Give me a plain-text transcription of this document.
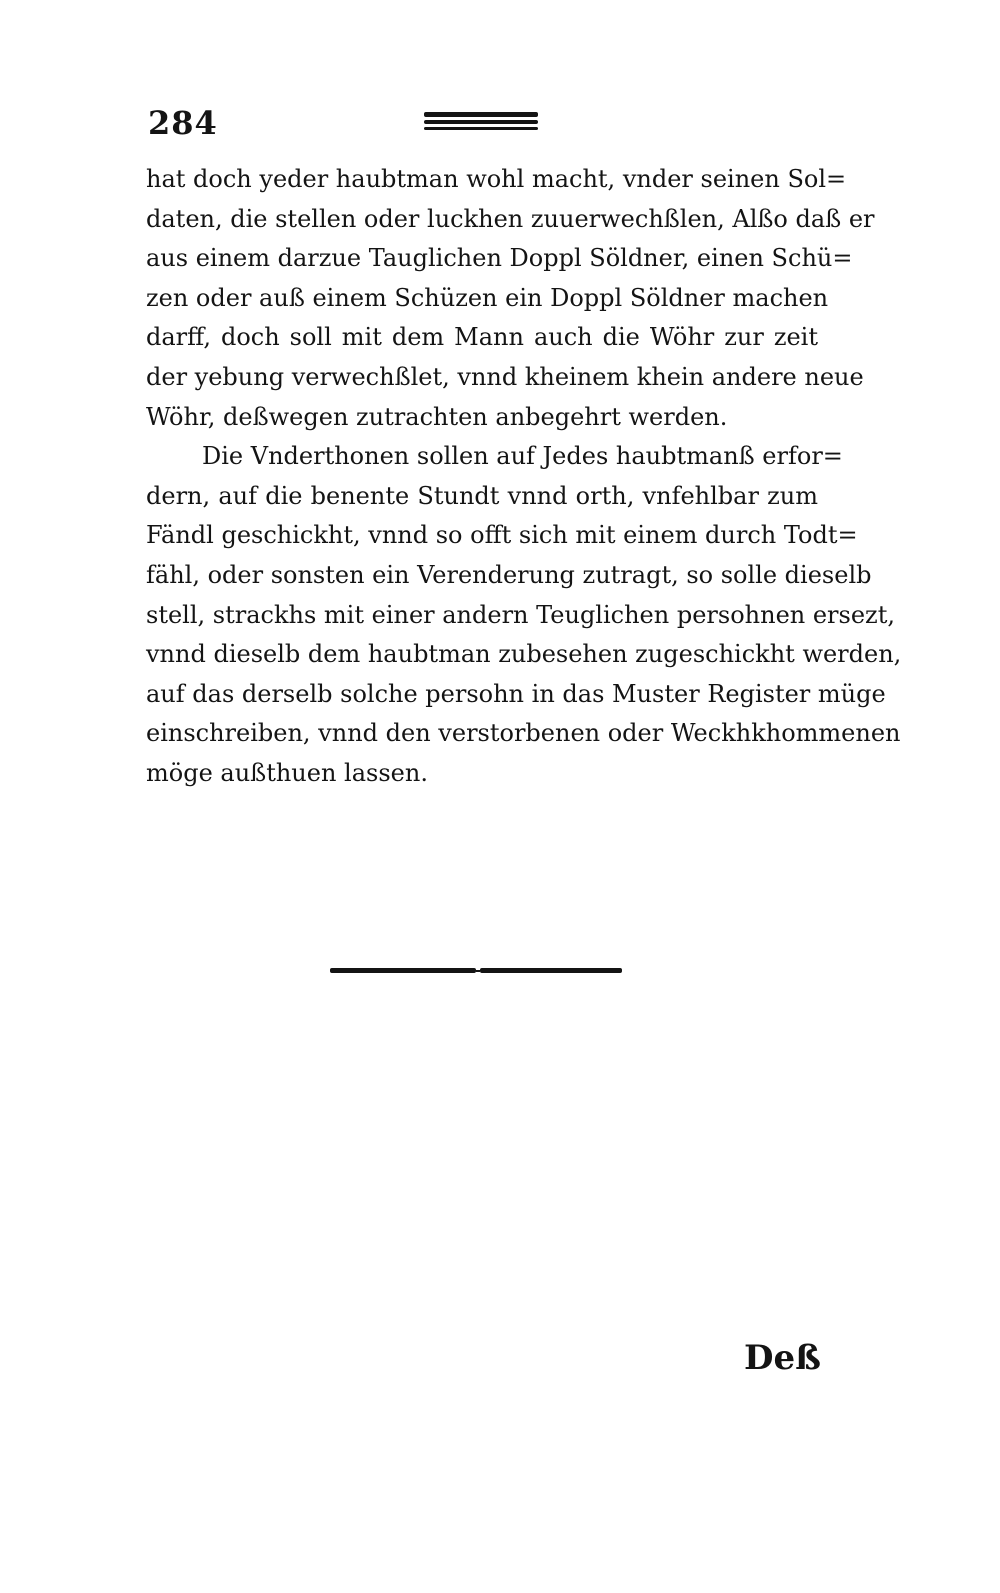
284
hat doch yeder haubtman wohl macht, vnder seinen Sol=
daten, die stellen oder luckhen zuuerwechßlen, Alßo daß er
aus einem darzue Tauglichen Doppl Söldner, einen Schü=
zen oder auß einem Schüzen ein Doppl Söldner machen
darff, doch soll mit dem Mann auch die Wöhr zur zeit
der yebung verwechßlet, vnnd kheinem khein andere neue
Wöhr, deßwegen zutrachten anbegehrt werden.
Die Vnderthonen sollen auf Jedes haubtmanß erfor=
dern, auf die benente Stundt vnnd orth, vnfehlbar zum
Fändl geschickht, vnnd so offt sich mit einem durch Todt=
fähl, oder sonsten ein Verenderung zutragt, so solle dieselb
stell, strackhs mit einer andern Teuglichen persohnen ersezt,
vnnd dieselb dem haubtman zubesehen zugeschickht werden,
auf das derselb solche persohn in das Muster Register müge
einschreiben, vnnd den verstorbenen oder Weckhkhommenen
möge außthuen lassen.
Deß
